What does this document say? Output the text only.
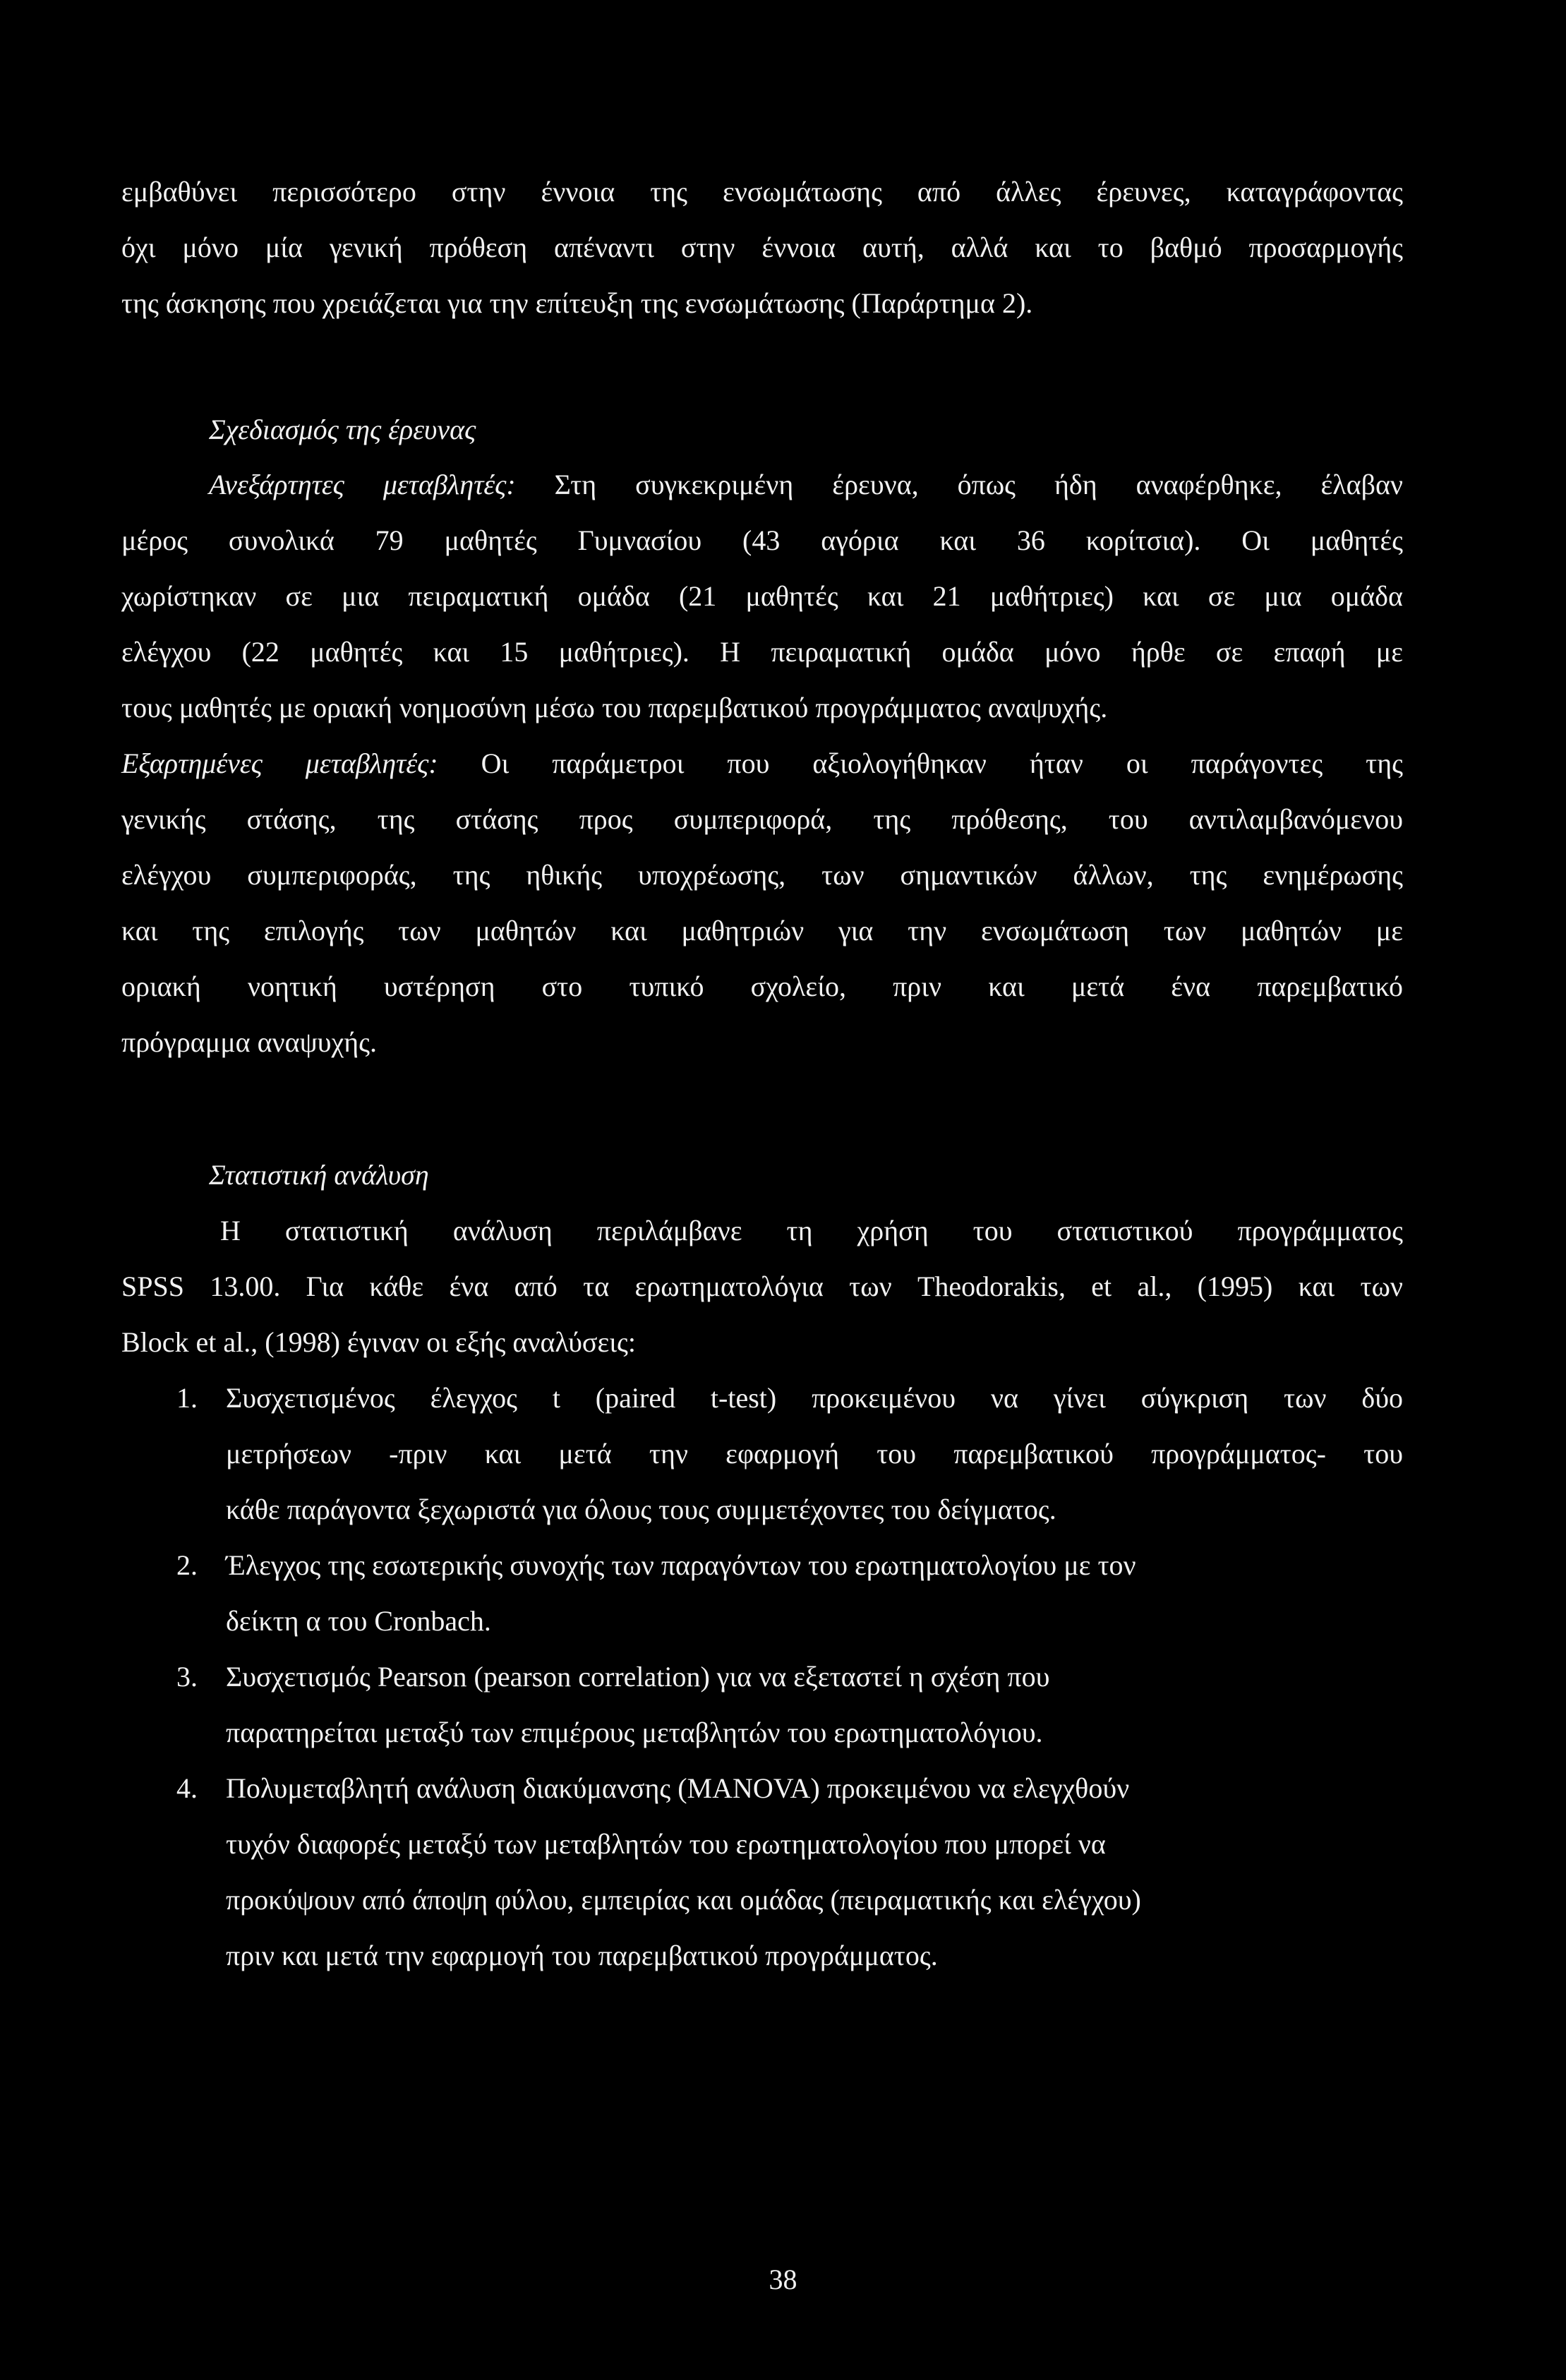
εμβαθύνει περισσότερο στην έννοια της ενσωμάτωσης από άλλες έρευνες, καταγράφοντας
όχι μόνο μία γενική πρόθεση απέναντι στην έννοια αυτή, αλλά και το βαθμό προσαρμογής
της άσκησης που χρειάζεται για την επίτευξη της ενσωμάτωσης (Παράρτημα 2).
Σχεδιασμός της έρευνας
Ανεξάρτητες μεταβλητές: Στη συγκεκριμένη έρευνα, όπως ήδη αναφέρθηκε, έλαβαν
μέρος συνολικά 79 μαθητές Γυμνασίου (43 αγόρια και 36 κορίτσια). Οι μαθητές
χωρίστηκαν σε μια πειραματική ομάδα (21 μαθητές και 21 μαθήτριες) και σε μια ομάδα
ελέγχου (22 μαθητές και 15 μαθήτριες). Η πειραματική ομάδα μόνο ήρθε σε επαφή με
τους μαθητές με οριακή νοημοσύνη μέσω του παρεμβατικού προγράμματος αναψυχής.
Εξαρτημένες μεταβλητές: Οι παράμετροι που αξιολογήθηκαν ήταν οι παράγοντες της
γενικής στάσης, της στάσης προς συμπεριφορά, της πρόθεσης, του αντιλαμβανόμενου
ελέγχου συμπεριφοράς, της ηθικής υποχρέωσης, των σημαντικών άλλων, της ενημέρωσης
και της επιλογής των μαθητών και μαθητριών για την ενσωμάτωση των μαθητών με
οριακή νοητική υστέρηση στο τυπικό σχολείο, πριν και μετά ένα παρεμβατικό
πρόγραμμα αναψυχής.
Στατιστική ανάλυση
Η στατιστική ανάλυση περιλάμβανε τη χρήση του στατιστικού προγράμματος
SPSS 13.00. Για κάθε ένα από τα ερωτηματολόγια των Theodorakis, et al., (1995) και των
Block et al., (1998) έγιναν οι εξής αναλύσεις:
1. Συσχετισμένος έλεγχος t (paired t-test) προκειμένου να γίνει σύγκριση των δύο
μετρήσεων -πριν και μετά την εφαρμογή του παρεμβατικού προγράμματος- του
κάθε παράγοντα ξεχωριστά για όλους τους συμμετέχοντες του δείγματος.
2. Έλεγχος της εσωτερικής συνοχής των παραγόντων του ερωτηματολογίου με τον
δείκτη α του Cronbach.
3. Συσχετισμός Pearson (pearson correlation) για να εξεταστεί η σχέση που
παρατηρείται μεταξύ των επιμέρους μεταβλητών του ερωτηματολόγιου.
4. Πολυμεταβλητή ανάλυση διακύμανσης (MANOVA) προκειμένου να ελεγχθούν
τυχόν διαφορές μεταξύ των μεταβλητών του ερωτηματολογίου που μπορεί να
προκύψουν από άποψη φύλου, εμπειρίας και ομάδας (πειραματικής και ελέγχου)
πριν και μετά την εφαρμογή του παρεμβατικού προγράμματος.
38
